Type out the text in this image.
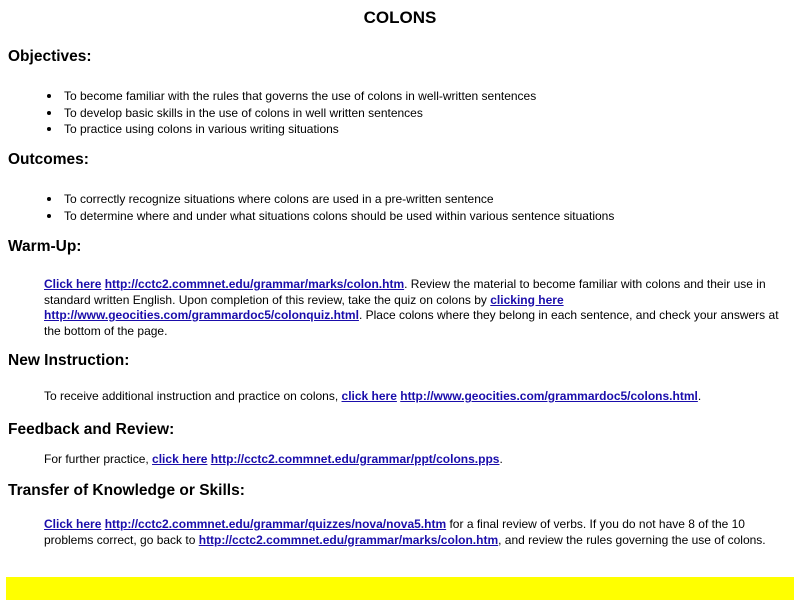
COLONS
Objectives:
To become familiar with the rules that governs the use of colons in well-written sentences
To develop basic skills in the use of colons in well written sentences
To practice using colons in various writing situations
Outcomes:
To correctly recognize situations where colons are used in a pre-written sentence
To determine where and under what situations colons should be used within various sentence situations
Warm-Up:

Click here http://cctc2.commnet.edu/grammar/marks/colon.htm. Review the material to become familiar with colons and their use in standard written English. Upon completion of this review, take the quiz on colons by clicking here http://www.geocities.com/grammardoc5/colonquiz.html. Place colons where they belong in each sentence, and check your answers at the bottom of the page.

New Instruction:

To receive additional instruction and practice on colons, click here http://www.geocities.com/grammardoc5/colons.html.

Feedback and Review:

For further practice, click here http://cctc2.commnet.edu/grammar/ppt/colons.pps.

Transfer of Knowledge or Skills:

Click here http://cctc2.commnet.edu/grammar/quizzes/nova/nova5.htm for a final review of verbs. If you do not have 8 of the 10 problems correct, go back to http://cctc2.commnet.edu/grammar/marks/colon.htm, and review the rules governing the use of colons.
